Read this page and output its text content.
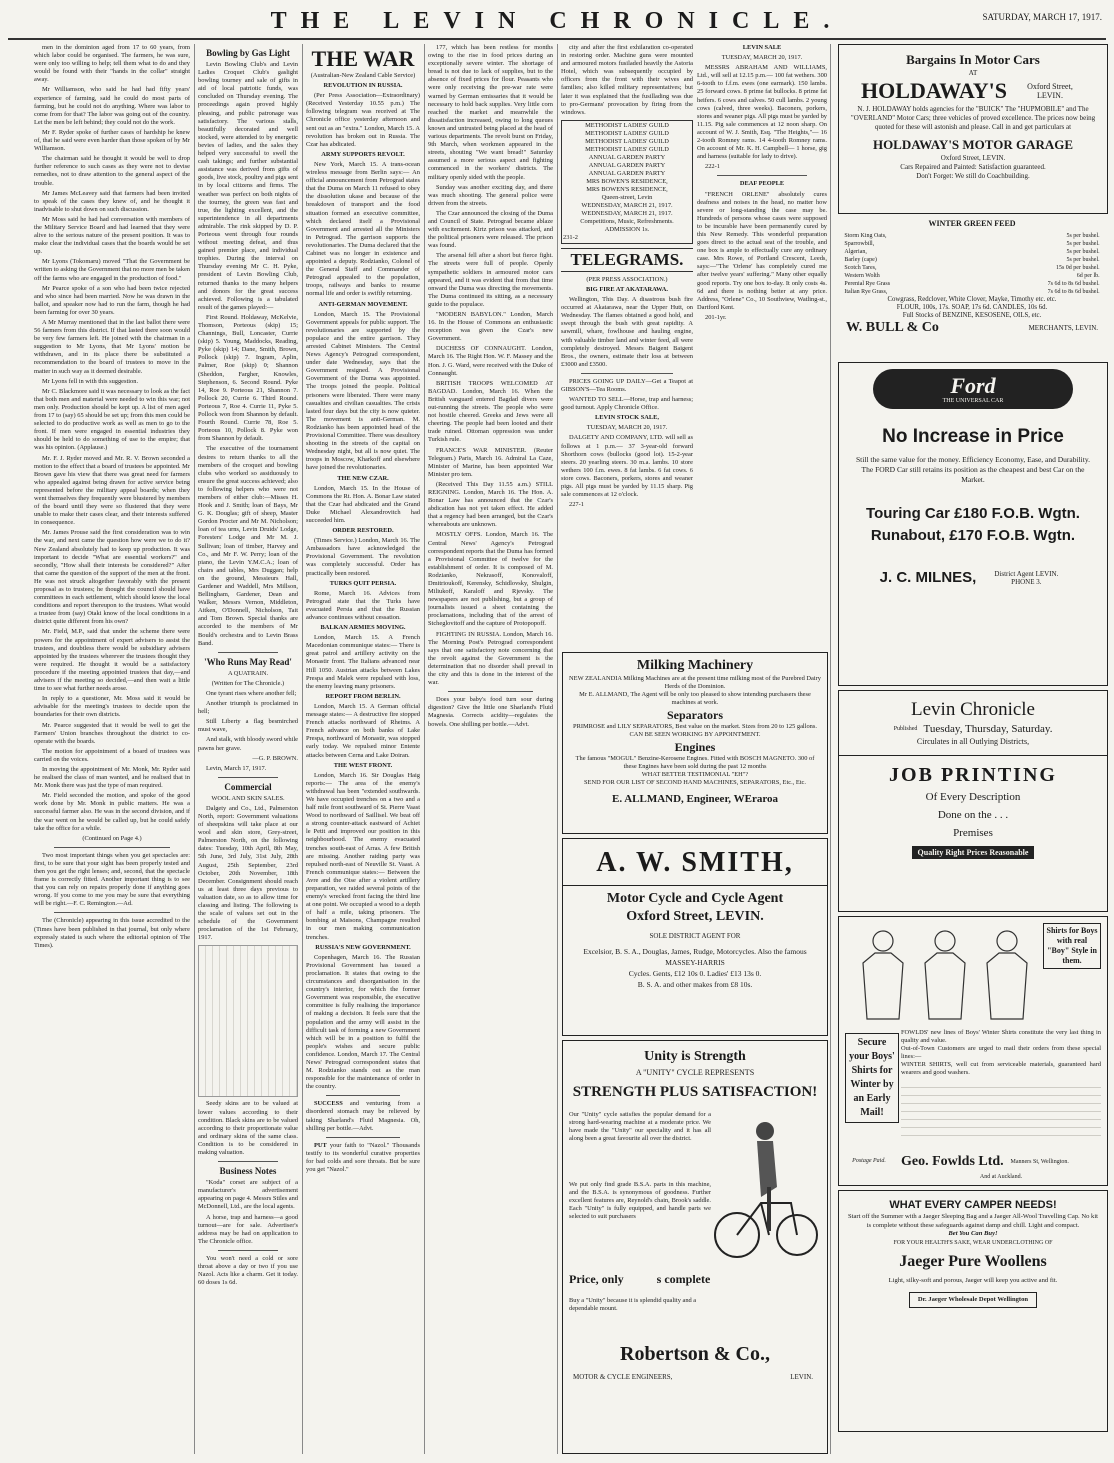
THE LEVIN CHRONICLE.	SATURDAY, MARCH 17, 1917.

men in the dominion aged from 17 to 60 years, from which labor could be organised. The farmers, he was sure, were only too willing to help; tell them what to do and they would be found with their "hands in the collar" straight away.

Mr Williamson, who said he had had fifty years' experience of farming, said he could do most parts of farming, but he could not do anything. Where was labor to come from for that? The labor was going out of the country. Let the men be left behind; they could not do the work.

Mr F. Ryder spoke of further cases of hardship he knew of, that he said were even harder than those spoken of by Mr Williamson.

The chairman said he thought it would be well to drop further reference to such cases as they were not to devise remedies, not to draw attention to the general aspect of the trouble.

Mr James McLeavey said that farmers had been invited to speak of the cases they knew of, and he thought it inadvisable to shut down on such discussion.

Mr Moss said he had had conversation with members of the Military Service Board and had learned that they were alive to the serious nature of the present position. It was to make clear the individual cases that the boards would be set up.

Mr Lyons (Tokomaru) moved "That the Government be written to asking the Government that no more men be taken off the farms who are engaged in the production of food."

Mr Pearce spoke of a son who had been twice rejected and who since had been married. Now he was drawn in the ballot, and speaker now had to run the farm, though he had been farming for over 30 years.

A Mr Murray mentioned that in the last ballot there were 56 farmers from this district. If that lasted there soon would be very few farmers left. He joined with the chairman in a suggestion to Mr Lyons, that Mr Lyons' motion be withdrawn, and in its place there be substituted a recommendation to the board of trustees to move in the matter in such way as it deemed desirable.

Mr Lyons fell in with this suggestion.

Mr C. Blackmore said it was necessary to look as the fact that both men and material were needed to win this war; not men only. Production should be kept up. A list of men aged from 17 to (say) 65 should be set up; from this men could be selected to do productive work as well as men to go to the front. If men were engaged in essential industries they should be held to do something of use to the empire; that was his opinion. (Applause.)

Mr. F. J. Ryder moved and Mr. R. V. Brown seconded a motion to the effect that a board of trustees be appointed. Mr Brown gave his view that there was great need for farmers who appealed against being drawn for active service being represented before the military appeal boards; when they went themselves they frequently were blustered by members of the board until they were so flustered that they were unable to make their cases clear, and their interests suffered in consequence.

Mr. James Prouse said the first consideration was to win the war, and next came the question how were we to do it? New Zealand absolutely had to keep up production. It was important to decide "What are essential workers?" and secondly, "How shall their interests be considered?" After that came the question of the support of the men at the front. He was not struck altogether favorably with the present proposal as to trustees; he thought the council should have committees in each settlement, which should know the local conditions and report thereupon to the trustees. What would a trustee from (say) Otaki know of the local conditions in a district quite different from his own?

Mr. Field, M.P., said that under the scheme there were powers for the appointment of expert advisers to assist the trustees, and doubtless there would be subsidiary advisers appointed by the trustees wherever the trustees thought they were required. He thought it would be a satisfactory procedure if the meeting appointed trustees that day,—and advisers if the meeting so decided,—and then wait a little time to see what further needs arose.

In reply to a questioner, Mr. Moss said it would be advisable for the meeting's trustees to decide upon the boundaries for their own districts.

Mr. Pearce suggested that it would be well to get the Farmers' Union branches throughout the district to co-operate with the boards.

The motion for appointment of a board of trustees was carried on the voices.

In moving the appointment of Mr. Monk, Mr. Ryder said he realised the class of man wanted, and he realised that in Mr. Monk there was just the type of man required.

Mr. Field seconded the motion, and spoke of the good work done by Mr. Monk in public matters. He was a successful farmer also. He was in the second division, and if the war went on he would be called up, but he could safely take the office for a while.

(Continued on Page 4.)

Two most important things when you get spectacles are: first, to be sure that your sight has been properly tested and then you get the right lenses; and, second, that the spectacle frame is correctly fitted. Another important thing is to see that you can rely on repairs properly done if anything goes wrong. If you come to me you may be sure that everything will be right.—F. C. Remington.—Ad.

The (Chronicle) appearing in this issue accredited to the (Times have been published in that journal, but only where expressly stated is such where the editorial opinion of The Times).

Bowling by Gas Light

Levin Bowling Club's and Levin Ladies Croquet Club's gaslight bowling tourney and sale of gifts in aid of local patriotic funds, was concluded on Thursday evening. The proceedings again proved highly pleasing, and public patronage was satisfactory. The various stalls, beautifully decorated and well stocked, were attended to by energetic bevies of ladies, and the sales they helped very successful to swell the cash takings; and further substantial assistance was derived from gifts of goods, live stock, poultry and pigs sent in by local citizens and firms. The weather was perfect on both nights of the tourney, the green was fast and true, the lighting excellent, and the superintendence in all departments admirable. The rink skipped by D. P. Porteous went through four rounds without meeting defeat, and thus gained premier place, and individual trophies. During the interval on Thursday evening Mr C. H. Pyke, president of Levin Bowling Club, returned thanks to the many helpers and donors for the great success achieved. Following is a tabulated result of the games played:—

First Round. Holdaway, McKelvie, Thomson, Porteous (skip) 15; Channings, Bull, Loncaster, Currie (skip) 5. Young, Maddocks, Reading, Pyke (skip) 14; Dane, Smith, Brown, Pollock (skip) 7. Ingram, Aplin, Palmer, Roe (skip) 0; Shannon (Sheddon, Fargher, Knowles, Stephenson, 6. Second Round. Pyke 14, Roe 9. Porteous 21, Shannon 7. Pollock 20, Currie 6. Third Round. Porteous 7, Roe 4. Currie 11, Pyke 5. Pollock won from Shannon by default. Fourth Round. Currie 78, Roe 5. Porteous 10, Pollock 8. Pyke won from Shannon by default.

The executive of the tournament desires to return thanks to all the members of the croquet and bowling clubs who worked so assiduously to ensure the great success achieved; also to following helpers who were not members of either club:—Misses H. Hook and J. Smith; loan of Bays, Mr G. K. Douglas; gift of sheep, Master Gordon Procter and Mr M. Nicholson; loan of tea urns, Levin Druids' Lodge, Foresters' Lodge and Mr M. J. Sullivan; loan of timber, Harvey and Co., and Mr F. W. Perry; loan of the piano, the Levin Y.M.C.A.; loan of chairs and tables, Mrs Duggan; help on the ground, Messieurs Hall, Gardener and Waddell, Mrs Millson, Bellingham, Gardener, Dean and Walker, Messrs Vernon, Middleton, Aitken, O'Donnell, Nicholson, Tait and Tom Brown. Special thanks are accorded to the members of Mr Bould's orchestra and to Levin Brass Band.

'Who Runs May Read'

A QUATRAIN.

(Written for The Chronicle.)

One tyrant rises where another fell;

Another triumph is proclaimed in hell;

Still Liberty a flag besmirched must wave,

And stalk, with bloody sword while pawns her grave.

—G. P. BROWN.

Levin, March 17, 1917.

Commercial

WOOL AND SKIN SALES.

Dalgety and Co., Ltd., Palmerston North, report: Government valuations of sheepskins will take place at our wool and skin store, Grey-street, Palmerston North, on the following dates: Tuesday, 10th April, 8th May, 5th June, 3rd July, 31st July, 28th August, 25th September, 23rd October, 20th November, 18th December. Consignment should reach us at least three days previous to valuation date, so as to allow time for classing and listing. The following is the scale of values set out in the schedule of the Government proclamation of the 1st February, 1917.

Seedy skins are to be valued at lower values according to their condition. Black skins are to be valued according to their proportionate value and ordinary skins of the same class. Condition is to be considered in making valuation.

Business Notes

"Koda" corset are subject of a manufacturer's advertisement appearing on page 4. Messrs Stiles and McDonnell, Ltd., are the local agents.

A horse, trap and harness—a good turnout—are for sale. Advertiser's address may be had on application to The Chronicle office.

You won't need a cold or sore throat above a day or two if you use Nazol. Acts like a charm. Get it today. 60 doses 1s 6d.

THE WAR

(Australian-New Zealand Cable Service)

REVOLUTION IN RUSSIA.

(Per Press Association—Extraordinary) (Received Yesterday 10.55 p.m.) The following telegram was received at The Chronicle office yesterday afternoon and sent out as an "extra." London, March 15. A revolution has broken out in Russia. The Czar has abdicated.

ARMY SUPPORTS REVOLT.

New York, March 15. A trans-ocean wireless message from Berlin says:— An official announcement from Petrograd states that the Duma on March 11 refused to obey the dissolution ukase and because of the breakdown of transport and the food situation formed an executive committee, which declared itself a Provisional Government and arrested all the Ministers in Petrograd. The garrison supports the revolutionaries. The Duma declared that the Cabinet was no longer in existence and appointed a deputy. Rodzianko, Colonel of the General Staff and Commander of Petrograd appealed to the population, troops, railways and banks to resume normal life and order is swiftly returning.

ANTI-GERMAN MOVEMENT.

London, March 15. The Provisional Government appeals for public support. The revolutionaries are supported by the populace and the entire garrison. They arrested Cabinet Ministers. The Central News Agency's Petrograd correspondent, under date Wednesday, says that the Government resigned. A Provisional Government of the Duma was appointed. The troops joined the people. Political prisoners were liberated. There were many casualties and civilian casualties. The crisis lasted four days but the city is now quieter. The movement is anti-German. M. Rodzianko has been appointed head of the Provisional Committee. There was desultory shooting in the streets of the capital on Wednesday night, but all is now quiet. The troops in Moscow, Kharkoff and elsewhere have joined the revolutionaries.

THE NEW CZAR.

London, March 15. In the House of Commons the Rt. Hon. A. Bonar Law stated that the Czar had abdicated and the Grand Duke Michael Alexandrovitch had succeeded him.

ORDER RESTORED.

(Times Service.) London, March 16. The Ambassadors have acknowledged the Provisional Government. The revolution was completely successful. Order has practically been restored.

TURKS QUIT PERSIA.

Rome, March 16. Advices from Petrograd state that the Turks have evacuated Persia and that the Russian advance continues without cessation.

BALKAN ARMIES MOVING.

London, March 15. A French Macedonian communique states:— There is great patrol and artillery activity on the Monastir front. The Italians advanced near Hill 1050. Austrian attacks between Lakes Prespa and Malek were repulsed with loss, the enemy leaving many prisoners.

REPORT FROM BERLIN.

London, March 15. A German official message states:— A destructive fire stopped French attacks northward of Rheims. A French advance on both banks of Lake Prespa, northward of Monastir, was stopped early today. We repulsed minor Entente attacks between Cerna and Lake Doiran.

THE WEST FRONT.

London, March 16. Sir Douglas Haig reports:— The area of the enemy's withdrawal has been "extended southwards. We have occupied trenches on a two and a half mile front southward of St. Pierre Vaast Wood to northward of Saillisel. We beat off a strong counter-attack eastward of Achiet le Petit and improved our position in this neighbourhood. The enemy evacuated trenches south-east of Arras. A few British are missing. Another raiding party was repulsed north-east of Neuville St. Vaast. A French communique states:— Between the Avre and the Oise after a violent artillery preparation, we raided several points of the enemy's wrecked front facing the third line at one point. We occupied a wood to a depth of half a mile, taking prisoners. The bombing at Maisons, Champagne resulted in our men making communication trenches.

RUSSIA'S NEW GOVERNMENT.

Copenhagen, March 16. The Russian Provisional Government has issued a proclamation. It states that owing to the circumstances and disorganisation in the country's interior, for which the former Government was responsible, the executive committee is fully realising the importance of making a decision. It feels sure that the population and the army will assist in the difficult task of forming a new Government which will be in a position to fulfil the people's wishes and secure public confidence. London, March 17. The Central News' Petrograd correspondent states that M. Rodzianko stands out as the man responsible for the maintenance of order in the country.

SUCCESS and venturing from a disordered stomach may be relieved by taking Sharland's Fluid Magnesia. Oh, shilling per bottle.—Advt.

PUT your faith to "Nazol." Thousands testify to its wonderful curative properties for bad colds and sore throats. But be sure you get "Nazol."

177, which has been restless for months owing to the rise in food prices during an exceptionally severe winter. The shortage of bread is not due to lack of supplies, but to the absence of fixed prices for flour. Peasants who were only receiving the pre-war rate were warned by German emissaries that it would be necessary to hold back supplies. Very little corn reached the market and meanwhile the dissatisfaction increased, owing to long queues known and untrusted being placed at the head of various departments. The revolt burst on Friday, 9th March, when workmen appeared in the streets, shouting "We want bread!" Saturday assumed a more serious aspect and fighting commenced in the workers' districts. The military openly sided with the people.

Sunday was another exciting day, and there was much shooting. The general police were driven from the streets.

The Czar announced the closing of the Duma and Council of State. Petrograd became ablaze with excitement. Kirtz prison was attacked, and the political prisoners were released. The prison was found.

The arsenal fell after a short but fierce fight. The streets were full of people. Openly sympathetic soldiers in armoured motor cars appeared, and it was evident that from that time onward the Duma was directing the movements. The Duma continued its sitting, as a necessary guide to the populace.

"MODERN BABYLON." London, March 16. In the House of Commons an enthusiastic reception was given the Czar's new Government.

DUCHESS OF CONNAUGHT. London, March 16. The Right Hon. W. F. Massey and the Hon. J. G. Ward, were received with the Duke of Connaught.

BRITISH TROOPS WELCOMED AT BAGDAD. London, March 16. When the British vanguard entered Bagdad divers were out-running the streets. The people who were not hostile cheered. Greeks and Jews were all cheering. The people had been looted and their trade ruined. Ottoman oppression was under Turkish rule.

FRANCE'S WAR MINISTER. (Reuter Telegram.) Paris, March 16. Admiral La Caze, Minister of Marine, has been appointed War Minister pro tem.

(Received This Day 11.55 a.m.) STILL REIGNING. London, March 16. The Hon. A. Bonar Law has announced that the Czar's abdication has not yet taken effect. He added that a regency had been arranged, but the Czar's whereabouts are unknown.

MOSTLY OFFS. London, March 16. The Central News' Agency's Petrograd correspondent reports that the Duma has formed a Provisional Committee of twelve for the establishment of order. It is composed of M. Rodzianko, Nekrasoff, Konovaloff, Dmitrioukoff, Kerensky, Schidlovsky, Shulgin, Miliukoff, Karaloff and Rjevsky. The newspapers are not publishing, but a group of journalists issued a sheet containing the proclamations, including that of the arrest of Stcheglovitoff and the capture of Protopopoff.

FIGHTING IN RUSSIA. London, March 16. The Morning Post's Petrograd correspondent says that one satisfactory note concerning that the revolt against the Government is the determination that no disorder shall prevail in the city and this is done in the interest of the war.

Does your baby's food turn sour during digestion? Give the little one Sharland's Fluid Magnesia. Corrects acidity—regulates the bowels. One shilling per bottle.—Advt.

city and after the first exhilaration co-operated in restoring order. Machine guns were mounted and armoured motors fusiladed heavily the Astoria Hotel, which was subsequently occupied by officers from the front with their wives and families; also killed military representatives; but later it was explained that the fusillading was due to pro-Germans' provocation by firing from the windows.

METHODIST LADIES' GUILD
METHODIST LADIES' GUILD
METHODIST LADIES' GUILD
METHODIST LADIES' GUILD
ANNUAL GARDEN PARTY
ANNUAL GARDEN PARTY
ANNUAL GARDEN PARTY
MRS BOWEN'S RESIDENCE,
MRS BOWEN'S RESIDENCE,
Queen-street, Levin
WEDNESDAY, MARCH 21, 1917.
WEDNESDAY, MARCH 21, 1917.
Competitions, Music, Refreshments.
ADMISSION 1s.
231-2
TELEGRAMS.

(PER PRESS ASSOCIATION.)

BIG FIRE AT AKATARAWA.

Wellington, This Day. A disastrous bush fire occurred at Akatarawa, near the Upper Hutt, on Wednesday. The flames obtained a good hold, and swept through the bush with great rapidity. A sawmill, whare, fowlhouse and hauling engine, with valuable timber land and winter feed, all were completely destroyed. Messrs Baigent Baigent Bros., the owners, estimate their loss at between £3000 and £3500.

PRICES GOING UP DAILY—Get a Teapot at GIBSON'S—Tea Rooms.

WANTED TO SELL—Horse, trap and harness; good turnout. Apply Chronicle Office.

LEVIN STOCK SALE,

TUESDAY, MARCH 20, 1917.

DALGETY AND COMPANY, LTD. will sell as follows at 1 p.m.— 37 3-year-old forward Shorthorn cows (bullocks (good lot). 15-2-year steers. 20 yearling steers. 30 m.a. lambs. 10 store wethers 100 f.m. ewes. 8 fat lambs. 6 fat cows. 6 store cows. Baconers, porkers, stores and weaner pigs. All pigs must be yarded by 11.15 sharp. Pig sale commences at 12 o'clock.

227-1

LEVIN SALE

TUESDAY, MARCH 20, 1917.

MESSRS ABRAHAM AND WILLIAMS, Ltd., will sell at 12.15 p.m.— 100 fat wethers. 300 6-tooth to f.f.m. ewes (one earmark). 150 lambs. 25 forward cows. 8 prime fat bullocks. 8 prime fat heifers. 6 cows and calves. 50 cull lambs. 2 young cows (calved, three weeks). Baconers, porkers, stores and weaner pigs. All pigs must be yarded by 11.15. Pig sale commences at 12 noon sharp. On account of W. J. Smith, Esq. "The Heights,"— 16 2-tooth Romney rams. 14 4-tooth Romney rams. On account of Mr. K. H. Campbell— 1 horse, gig and harness (suitable for lady to drive).

222-1

DEAF PEOPLE

"FRENCH ORLENE" absolutely cures deafness and noises in the head, no matter how severe or long-standing the case may be. Hundreds of persons whose cases were supposed to be incurable have been permanently cured by this New Remedy. This wonderful preparation goes direct to the actual seat of the trouble, and one box is ample to effectually cure any ordinary case. Mrs Rowe, of Portland Crescent, Leeds, says:—"The 'Orlene' has completely cured me after twelve years' suffering." Many other equally good reports. Try one box to-day. It only costs 4s. 6d and there is nothing better at any price. Address, "Orlene" Co., 10 Southview, Watling-st., Dartford Kent.

201-1yr.

Milking Machinery
NEW ZEALANDIA Milking Machines are at the present time milking most of the Purebred Dairy Herds of the Dominion.
Mr E. ALLMAND, The Agent will be only too pleased to show intending purchasers these machines at work.
Separators
PRIMROSE and LILY SEPARATORS, Best value on the market. Sizes from 20 to 125 gallons.
CAN BE SEEN WORKING BY APPOINTMENT.
Engines
The famous "MOGUL" Benzine-Kerosene Engines. Fitted with BOSCH MAGNETO. 300 of these Engines have been sold during the past 12 months
WHAT BETTER TESTIMONIAL "EH"?
SEND FOR OUR LIST OF SECOND HAND MACHINES, SEPARATORS, Etc., Etc.
E. ALLMAND, Engineer, WEraroa
A. W. SMITH,
Motor Cycle and Cycle Agent
Oxford Street, LEVIN.
SOLE DISTRICT AGENT FOR
Excelsior, B. S. A., Douglas, James, Rudge, Motorcycles. Also the famous MASSEY-HARRIS
Cycles. Gents, £12 10s 0. Ladies' £13 13s 0.
B. S. A. and other makes from £8 10s.
Unity is Strength
A "UNITY" CYCLE REPRESENTS
STRENGTH PLUS SATISFACTION!
Our "Unity" cycle satisfies the popular demand for a strong hard-wearing machine at a moderate price. We have made the "Unity" our speciality and it has all along been a great favourite all over the district.
We put only find grade B.S.A. parts in this machine, and the B.S.A. is synonymous of goodness. Further excellent features are, Reynold's chain, Brook's saddle. Each "Unity" is fully equipped, and handle parts we selected to suit purchasers
Price, only	s complete
Buy a "Unity" because it is splendid quality and a dependable mount.
Robertson & Co.,
MOTOR & CYCLE ENGINEERS,	LEVIN.
Bargains In Motor Cars
AT
HOLDAWAY'S	Oxford Street, LEVIN.
N. J. HOLDAWAY holds agencies for the "BUICK" The "HUPMOBILE" and The "OVERLAND" Motor Cars; three vehicles of proved excellence. The prices now being quoted for these will astonish and please. Call in and get particulars at
HOLDAWAY'S MOTOR GARAGE
Oxford Street, LEVIN.
Cars Repaired and Painted: Satisfaction guaranteed.
Don't Forget: We still do Coachbuilding.
WINTER GREEN FEED
Storm King Oats,	5s per bushel.
Sparrowbill,	5s per bushel.
Algerian,	5s per bushel.
Barley (cape)	5s per bushel.
Scotch Tares,	15s 0d per bushel.
Western Wolth	6d per lb.
Perenial Rye Grass	7s 6d to 8s 6d bushel.
Italian Rye Grass,	7s 6d to 8s 6d bushel.
Cowgrass, Redclover, White Clover, Mayke, Timothy etc. etc.
FLOUR, 100s, 17s. SOAP, 17s 6d. CANDLES, 10s 6d.
Full Stocks of BENZINE, KESOSENE, OILS, etc.
W. BULL & Co	MERCHANTS, LEVIN.
Ford
THE UNIVERSAL CAR
No Increase in Price
Still the same value for the money. Efficiency Economy, Ease, and Durability. The FORD Car still retains its position as the cheapest and best Car on the Market.
Touring Car £180 F.O.B. Wgtn.
Runabout, £170 F.O.B. Wgtn.
J. C. MILNES,	District Agent LEVIN. PHONE 3.
Levin Chronicle
Published Tuesday, Thursday, Saturday.
Circulates in all Outlying Districts,
JOB PRINTING
Of Every Description
Done on the . . .
Premises
Quality Right Prices Reasonable
Shirts for Boys with real "Boy" Style in them.
Secure your Boys' Shirts for Winter by an Early Mail!
Postage Paid.
FOWLDS' new lines of Boys' Winter Shirts constitute the very last thing in quality and value.
Out-of-Town Customers are urged to mail their orders from these special lines:—
WINTER SHIRTS, well cut from serviceable materials, guaranteed hard wearers and good washers.
Geo. Fowlds Ltd. Manners St, Wellington.
And at Auckland.
WHAT EVERY CAMPER NEEDS!
Start off the Summer with a Jaeger Sleeping Bag and a Jaeger All-Wool Travelling Cap. No kit is complete without these safeguards against damp and chill. Light and compact.
Bet You Can Buy!
FOR YOUR HEALTH'S SAKE, WEAR UNDERCLOTHING OF
Jaeger Pure Woollens
Light, silky-soft and porous, Jaeger will keep you active and fit.
Dr. Jaeger Wholesale Depot Wellington
